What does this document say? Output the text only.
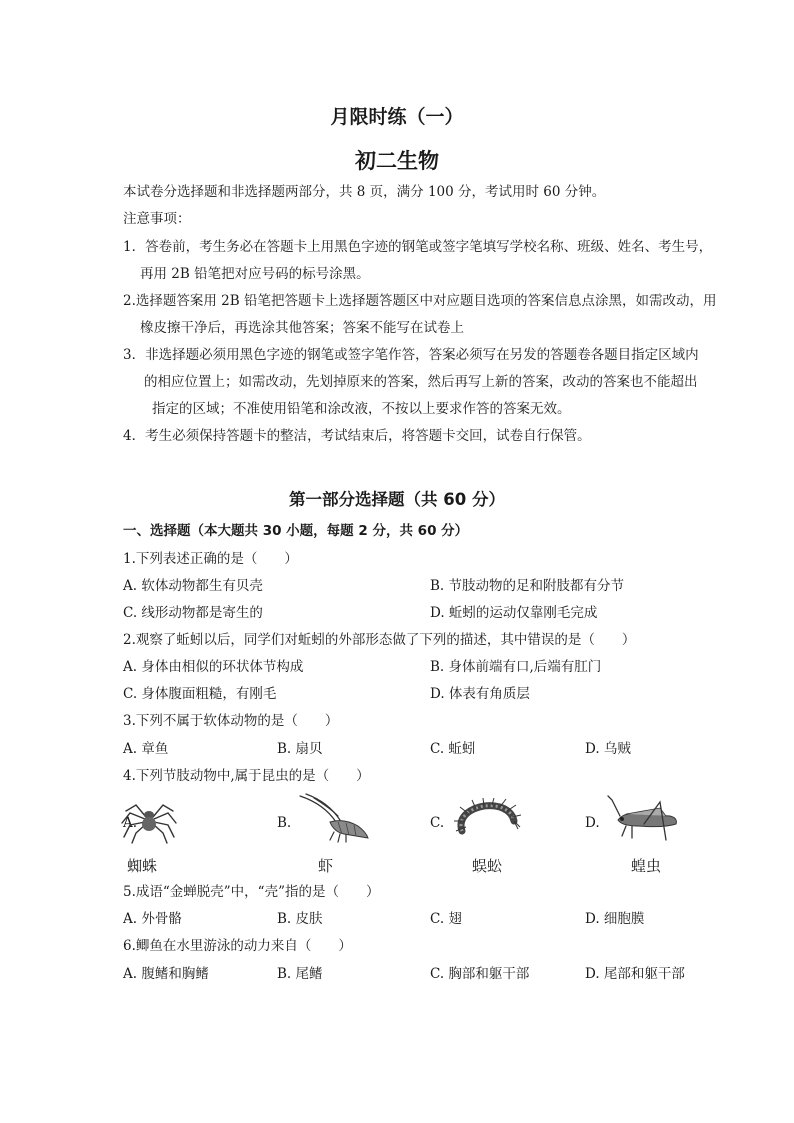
月限时练（一）
初二生物
本试卷分选择题和非选择题两部分，共 8 页，满分 100 分，考试用时 60 分钟。
注意事项：
1．答卷前，考生务必在答题卡上用黑色字迹的钢笔或签字笔填写学校名称、班级、姓名、考生号，
再用 2B 铅笔把对应号码的标号涂黑。
2.选择题答案用 2B 铅笔把答题卡上选择题答题区中对应题目选项的答案信息点涂黑，如需改动，用
橡皮擦干净后，再选涂其他答案；答案不能写在试卷上
3．非选择题必须用黑色字迹的钢笔或签字笔作答，答案必须写在另发的答题卷各题目指定区域内
的相应位置上；如需改动，先划掉原来的答案，然后再写上新的答案，改动的答案也不能超出
指定的区域；不准使用铅笔和涂改液，不按以上要求作答的答案无效。
4．考生必须保持答题卡的整洁，考试结束后，将答题卡交回，试卷自行保管。
第一部分选择题（共 60 分）
一、选择题（本大题共 30 小题，每题 2 分，共 60 分）
1.下列表述正确的是（　　）
A. 软体动物都生有贝壳	B. 节肢动物的足和附肢都有分节
C. 线形动物都是寄生的	D. 蚯蚓的运动仅靠刚毛完成
2.观察了蚯蚓以后，同学们对蚯蚓的外部形态做了下列的描述，其中错误的是（　　）
A. 身体由相似的环状体节构成	B. 身体前端有口,后端有肛门
C. 身体腹面粗糙，有刚毛	D. 体表有角质层
3.下列不属于软体动物的是（　　）
A. 章鱼	B. 扇贝	C. 蚯蚓	D. 乌贼
4.下列节肢动物中,属于昆虫的是（　　）
A.	B.	C.	D.
蜘蛛	虾	蜈蚣	蝗虫
5.成语“金蝉脱壳”中，“壳”指的是（　　）
A. 外骨骼	B. 皮肤	C. 翅	D. 细胞膜
6.鲫鱼在水里游泳的动力来自（　　）
A. 腹鳍和胸鳍	B. 尾鳍	C. 胸部和躯干部	D. 尾部和躯干部
